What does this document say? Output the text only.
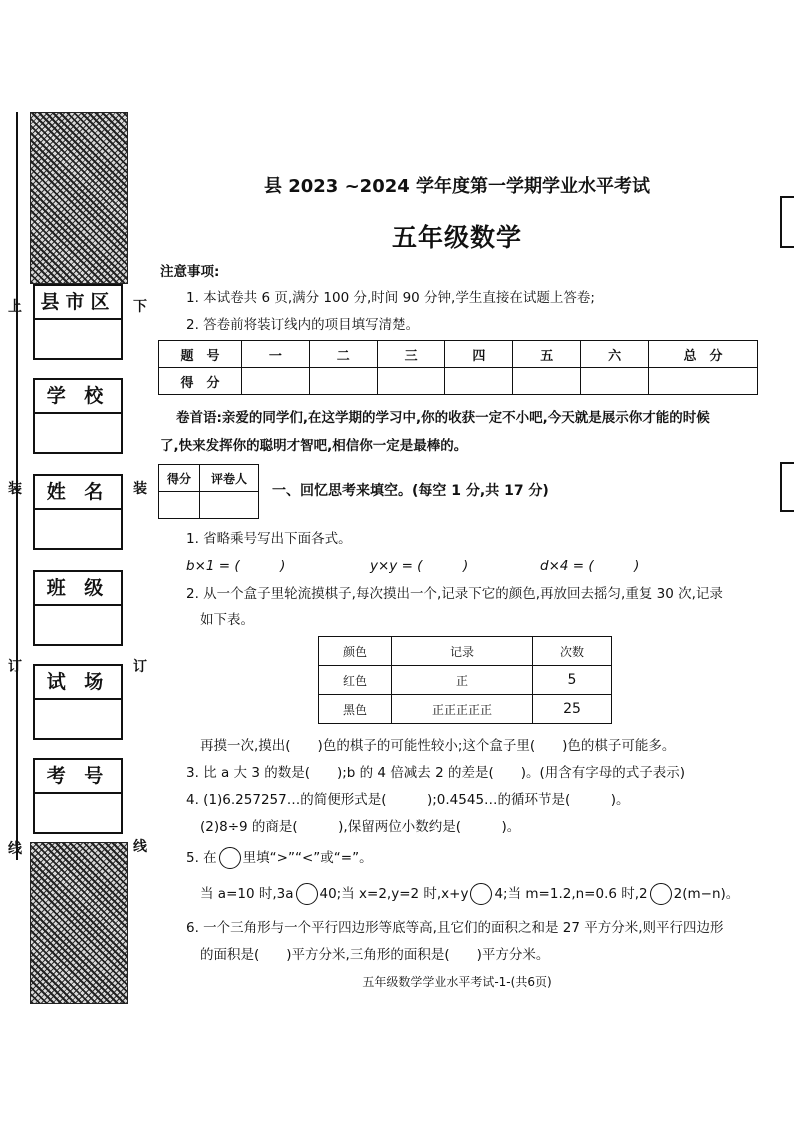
县市区
学 校
姓 名
班 级
试 场
考 号
上
装
订
线
下
装
订
线
县 2023 ~2024 学年度第一学期学业水平考试
五年级数学
注意事项:
1. 本试卷共 6 页,满分 100 分,时间 90 分钟,学生直接在试题上答卷;
2. 答卷前将装订线内的项目填写清楚。
题　号	一	二	三	四	五	六	总　分
得　分							
卷首语:亲爱的同学们,在这学期的学习中,你的收获一定不小吧,今天就是展示你才能的时候
了,快来发挥你的聪明才智吧,相信你一定是最棒的。
得分	评卷人

一、回忆思考来填空。(每空 1 分,共 17 分)
1. 省略乘号写出下面各式。
b×1 = (　　　)	y×y = (　　　)	d×4 = (　　　)
2. 从一个盒子里轮流摸棋子,每次摸出一个,记录下它的颜色,再放回去摇匀,重复 30 次,记录
如下表。
颜色	记录	次数
红色	正	5
黑色	正正正正正	25
再摸一次,摸出(　　)色的棋子的可能性较小;这个盒子里(　　)色的棋子可能多。
3. 比 a 大 3 的数是(　　);b 的 4 倍减去 2 的差是(　　)。(用含有字母的式子表示)
4. (1)6.257257…的简便形式是(　　　);0.4545…的循环节是(　　　)。
(2)8÷9 的商是(　　　),保留两位小数约是(　　　)。
5. 在 里填“>”“<”或“=”。
当 a=10 时,3a 40;当 x=2,y=2 时,x+y 4;当 m=1.2,n=0.6 时,2 2(m−n)。
6. 一个三角形与一个平行四边形等底等高,且它们的面积之和是 27 平方分米,则平行四边形
的面积是(　　)平方分米,三角形的面积是(　　)平方分米。
五年级数学学业水平考试-1-(共6页)
